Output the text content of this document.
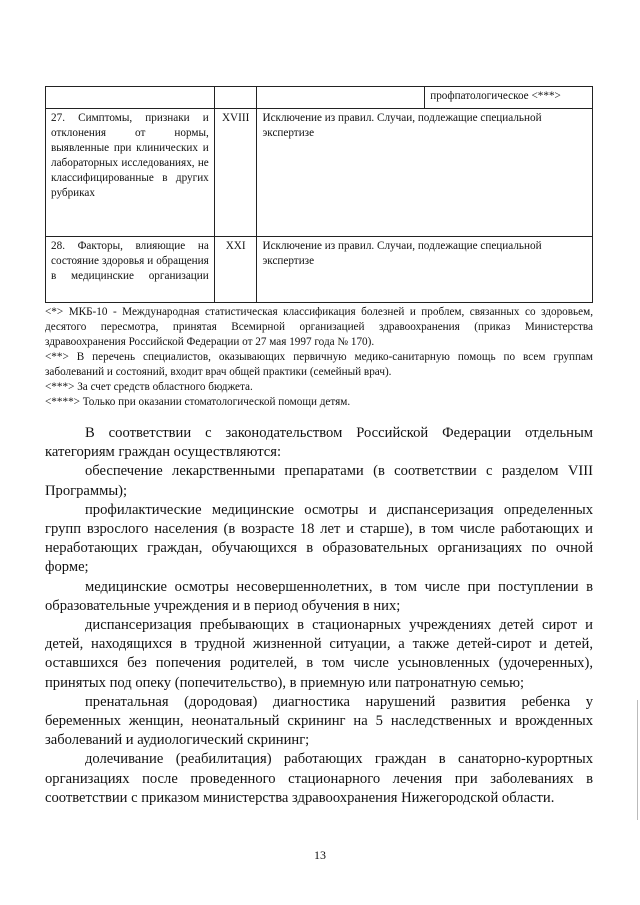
			профпатологическое <***>
27. Симптомы, признаки и отклонения от нормы, выявленные при клинических и лабораторных исследованиях, не классифицированные в других рубриках	XVIII	Исключение из правил. Случаи, подлежащие специальной экспертизе	
28. Факторы, влияющие на состояние здоровья и обращения в медицинские организации	XXI	Исключение из правил. Случаи, подлежащие специальной экспертизе	

<*> МКБ-10 - Международная статистическая классификация болезней и проблем, связанных со здоровьем, десятого пересмотра, принятая Всемирной организацией здравоохранения (приказ Министерства здравоохранения Российской Федерации от 27 мая 1997 года № 170).

<**> В перечень специалистов, оказывающих первичную медико-санитарную помощь по всем группам заболеваний и состояний, входит врач общей практики (семейный врач).

<***> За счет средств областного бюджета.

<****> Только при оказании стоматологической помощи детям.

В соответствии с законодательством Российской Федерации отдельным категориям граждан осуществляются:

обеспечение лекарственными препаратами (в соответствии с разделом VIII Программы);

профилактические медицинские осмотры и диспансеризация определенных групп взрослого населения (в возрасте 18 лет и старше), в том числе работающих и неработающих граждан, обучающихся в образовательных организациях по очной форме;

медицинские осмотры несовершеннолетних, в том числе при поступлении в образовательные учреждения и в период обучения в них;

диспансеризация пребывающих в стационарных учреждениях детей сирот и детей, находящихся в трудной жизненной ситуации, а также детей-сирот и детей, оставшихся без попечения родителей, в том числе усыновленных (удочеренных), принятых под опеку (попечительство), в приемную или патронатную семью;

пренатальная (дородовая) диагностика нарушений развития ребенка у беременных женщин, неонатальный скрининг на 5 наследственных и врожденных заболеваний и аудиологический скрининг;

долечивание (реабилитация) работающих граждан в санаторно-курортных организациях после проведенного стационарного лечения при заболеваниях в соответствии с приказом министерства здравоохранения Нижегородской области.

13
